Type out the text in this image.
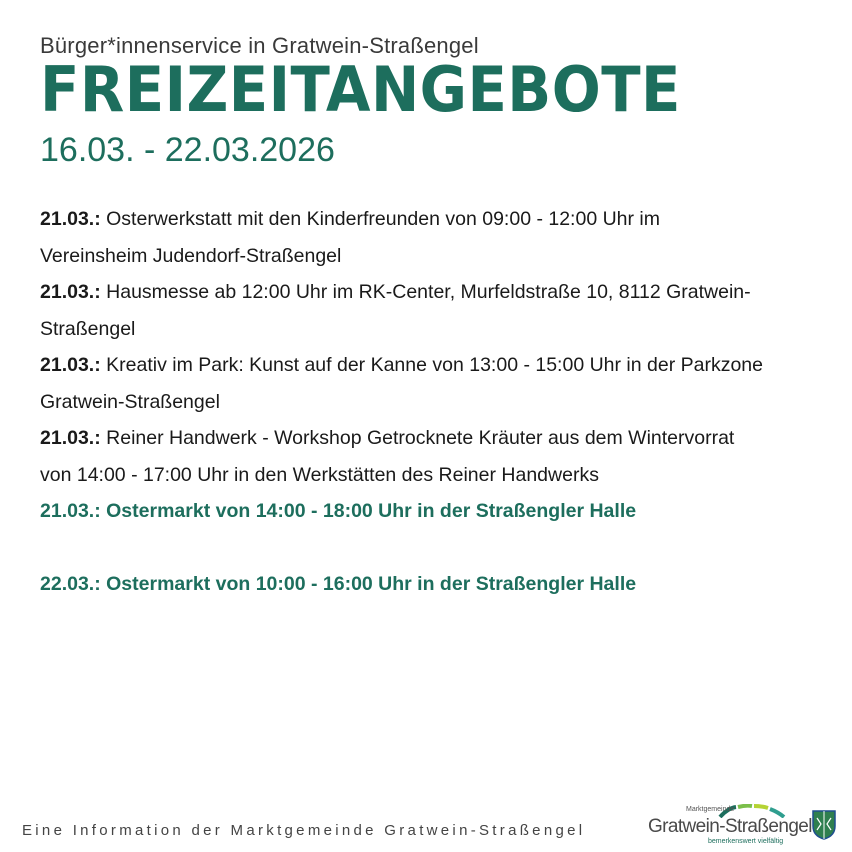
Bürger*innenservice in Gratwein-Straßengel
FREIZEITANGEBOTE
16.03. - 22.03.2026

21.03.: Osterwerkstatt mit den Kinderfreunden von 09:00 - 12:00 Uhr im Vereinsheim Judendorf-Straßengel

21.03.: Hausmesse ab 12:00 Uhr im RK-Center, Murfeldstraße 10, 8112 Gratwein-Straßengel

21.03.: Kreativ im Park: Kunst auf der Kanne von 13:00 - 15:00 Uhr in der Parkzone Gratwein-Straßengel

21.03.: Reiner Handwerk - Workshop Getrocknete Kräuter aus dem Wintervorrat von 14:00 - 17:00 Uhr in den Werkstätten des Reiner Handwerks

21.03.: Ostermarkt von 14:00 - 18:00 Uhr in der Straßengler Halle

22.03.: Ostermarkt von 10:00 - 16:00 Uhr in der Straßengler Halle

Eine Information der Marktgemeinde Gratwein-Straßengel
Marktgemeinde
Gratwein-Straßengel
bemerkenswert vielfältig
